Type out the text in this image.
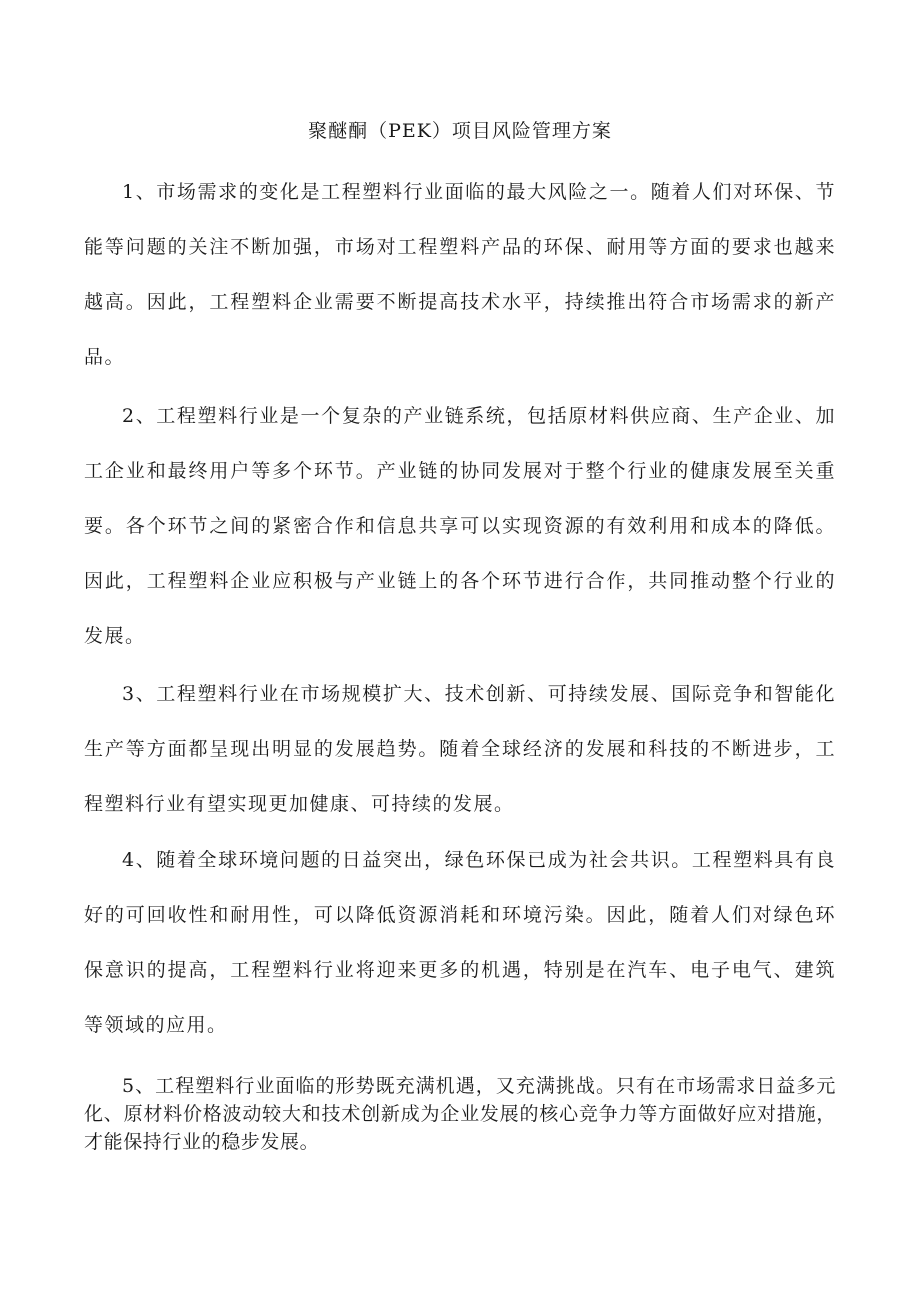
聚醚酮（PEK）项目风险管理方案

1、市场需求的变化是工程塑料行业面临的最大风险之一。随着人们对环保、节能等问题的关注不断加强，市场对工程塑料产品的环保、耐用等方面的要求也越来越高。因此，工程塑料企业需要不断提高技术水平，持续推出符合市场需求的新产品。

2、工程塑料行业是一个复杂的产业链系统，包括原材料供应商、生产企业、加工企业和最终用户等多个环节。产业链的协同发展对于整个行业的健康发展至关重要。各个环节之间的紧密合作和信息共享可以实现资源的有效利用和成本的降低。因此，工程塑料企业应积极与产业链上的各个环节进行合作，共同推动整个行业的发展。

3、工程塑料行业在市场规模扩大、技术创新、可持续发展、国际竞争和智能化生产等方面都呈现出明显的发展趋势。随着全球经济的发展和科技的不断进步，工程塑料行业有望实现更加健康、可持续的发展。

4、随着全球环境问题的日益突出，绿色环保已成为社会共识。工程塑料具有良好的可回收性和耐用性，可以降低资源消耗和环境污染。因此，随着人们对绿色环保意识的提高，工程塑料行业将迎来更多的机遇，特别是在汽车、电子电气、建筑等领域的应用。

5、工程塑料行业面临的形势既充满机遇，又充满挑战。只有在市场需求日益多元化、原材料价格波动较大和技术创新成为企业发展的核心竞争力等方面做好应对措施，才能保持行业的稳步发展。
